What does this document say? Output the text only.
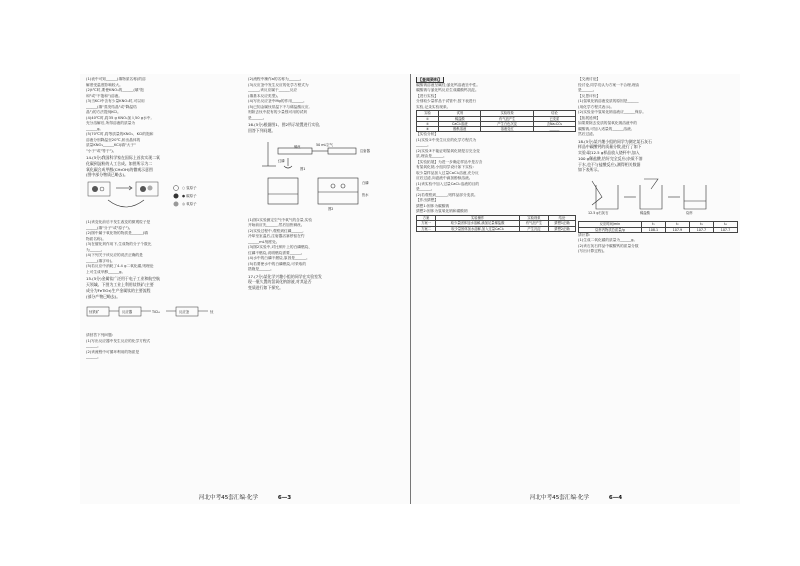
(1)表中可知______(填物质名称)的溶
解度受温度影响较大。
(2)t℃时,要使KNO₃的______(填"饱
和"或"不饱和")溶液。
(3)当KCl中含有少量KNO₃时,可以用
______(填"蒸发结晶"或"降温结
晶")的方法提纯KCl。
(4)40℃时,将35 g KNO₃加入50 g水中,
充分溶解后,所得溶液的质量为
______g。
(5)70℃时,将等质量的KNO₃、KCl的饱和
溶液分别降温至20℃,析出晶体的
质量KNO₃______KCl(填"大于"
"小于"或"等于")。
14.(5分)我国科学家在国际上首次实现二氧
化碳到淀粉的人工合成。如图所示为二
氧化碳合成甲醇(CH₃OH)的微观示意图
(图中部分物质已略去)。
○ 氢原子
● 碳原子
◎ 氧原子
(1)该变化前后不发生改变的微观粒子是
______(填"分子"或"原子")。
(2)图中属于氧化物的物质是______(填
物质名称)。
(3)在催化剂作用下,生成物的分子个数比
为______。
(4)下列关于该反应的说法正确的是
______(填字母)。
(5)若反应中消耗了4.4 g二氧化碳,则理论
上可生成甲醇______g。
15.(5分)金属钛广泛用于电子工业和航空航
天领域。下图为工业上利用钛铁矿(主要
成分为FeTiO₃)生产金属钛的主要流程
(部分产物已略去)。
钛铁矿	反应器	TiCl₄	反应釜	钛
请回答下列问题:
(1)写出反应器中发生反应的化学方程式
______。
(2)该流程中可循环利用的物质是
______。
(2)流程中操作a的名称为______。
(3)反应釜中发生反应的化学方程式为
______,该反应属于______反应
(填基本反应类型)。
(4)写出反应釜中Mg的作用______。
(5)已知金属钛常温下不与稀盐酸反应,
则除去钛中混有的少量镁可用的试剂
是______。
16.(5分)根据图1、图2所示装置进行实验,
回答下列问题。
图1
50 mL空气
注射器
红磷
铜丝
白磷
热水
图2
(1)图1实验测定空气中氧气的含量,实验
开始前应先______,然后加热铜丝。
(2)实验过程中,观察到红磷______,
冷却至室温后,注射器活塞停留在约
______mL刻度处。
(3)图2实验中,对比铜片上的白磷燃烧、
红磷不燃烧,说明燃烧需要______。
(4)水中的白磷不燃烧,原因是______。
(5)若要使水中的白磷燃烧,可采取的
措施是______。
17.(7分)某化学兴趣小组的同学在实验室发
现一瓶久置的氢氧化钠溶液,对其是否
变质进行如下探究。
河北中考45套汇编·化学	6—3
【查阅资料】
碳酸钠溶液呈碱性;氯化钙溶液呈中性。
碳酸钠与氯化钙反应生成碳酸钙沉淀。
【进行实验】
分别取少量样品于试管中,按下表进行
实验,记录实验现象。
实验	试剂	实验现象	结论
①	稀盐酸	有气泡产生	已变质
②	CaCl₂溶液	产生白色沉淀	含Na₂CO₃
③	酚酞溶液	溶液变红	______
【实验分析】
(1)实验①中发生反应的化学方程式为
______。
(2)实验③不能证明氢氧化钠是否完全变
质,理由是______。
【实验拓展】为进一步确定样品中是否含
有氢氧化钠,小组同学设计如下实验:
取少量样品加入过量CaCl₂溶液,充分反
应后过滤,向滤液中滴加酚酞溶液。
(1)该实验中加入过量CaCl₂溶液的目的
是______。
(2)若观察到______,则样品部分变质。
【作出猜想】
猜想1:固体为碳酸钠
猜想2:固体为氢氧化钠和碳酸钠
方案	实验操作	实验现象	结论
方案一	取少量固体加水溶解,滴加足量稀盐酸	有气泡产生	猜想1正确
方案二	取少量固体加水溶解,加入过量CaCl₂	产生沉淀	猜想2正确
【交流讨论】
经讨论,同学们认为方案一不合理,理由
是______。
【反思评价】
(1)氢氧化钠溶液变质的原因是______
(用化学方程式表示)。
(2)实验室中氢氧化钠溶液应______保存。
【拓展延伸】
如果要除去变质的氢氧化钠溶液中的
碳酸钠,可加入适量的______溶液,
然后过滤。
18.(5分)某兴趣小组的同学为测定某石灰石
样品中碳酸钙的质量分数,进行了如下
实验:取12.5 g样品放入烧杯中,加入
100 g稀盐酸,恰好完全反应(杂质不溶
于水,也不与盐酸反应),测得相关数据
如下表所示。
12.5 g石灰石	稀盐酸	烧杯
反应时间/min	t₁	t₂	t₃	t₄
烧杯内物质总质量/g	108.1	107.9	107.7	107.7
请计算:
(1)生成二氧化碳的质量为______g。
(2)该石灰石样品中碳酸钙的质量分数
(写出计算过程)。
河北中考45套汇编·化学	6—4
